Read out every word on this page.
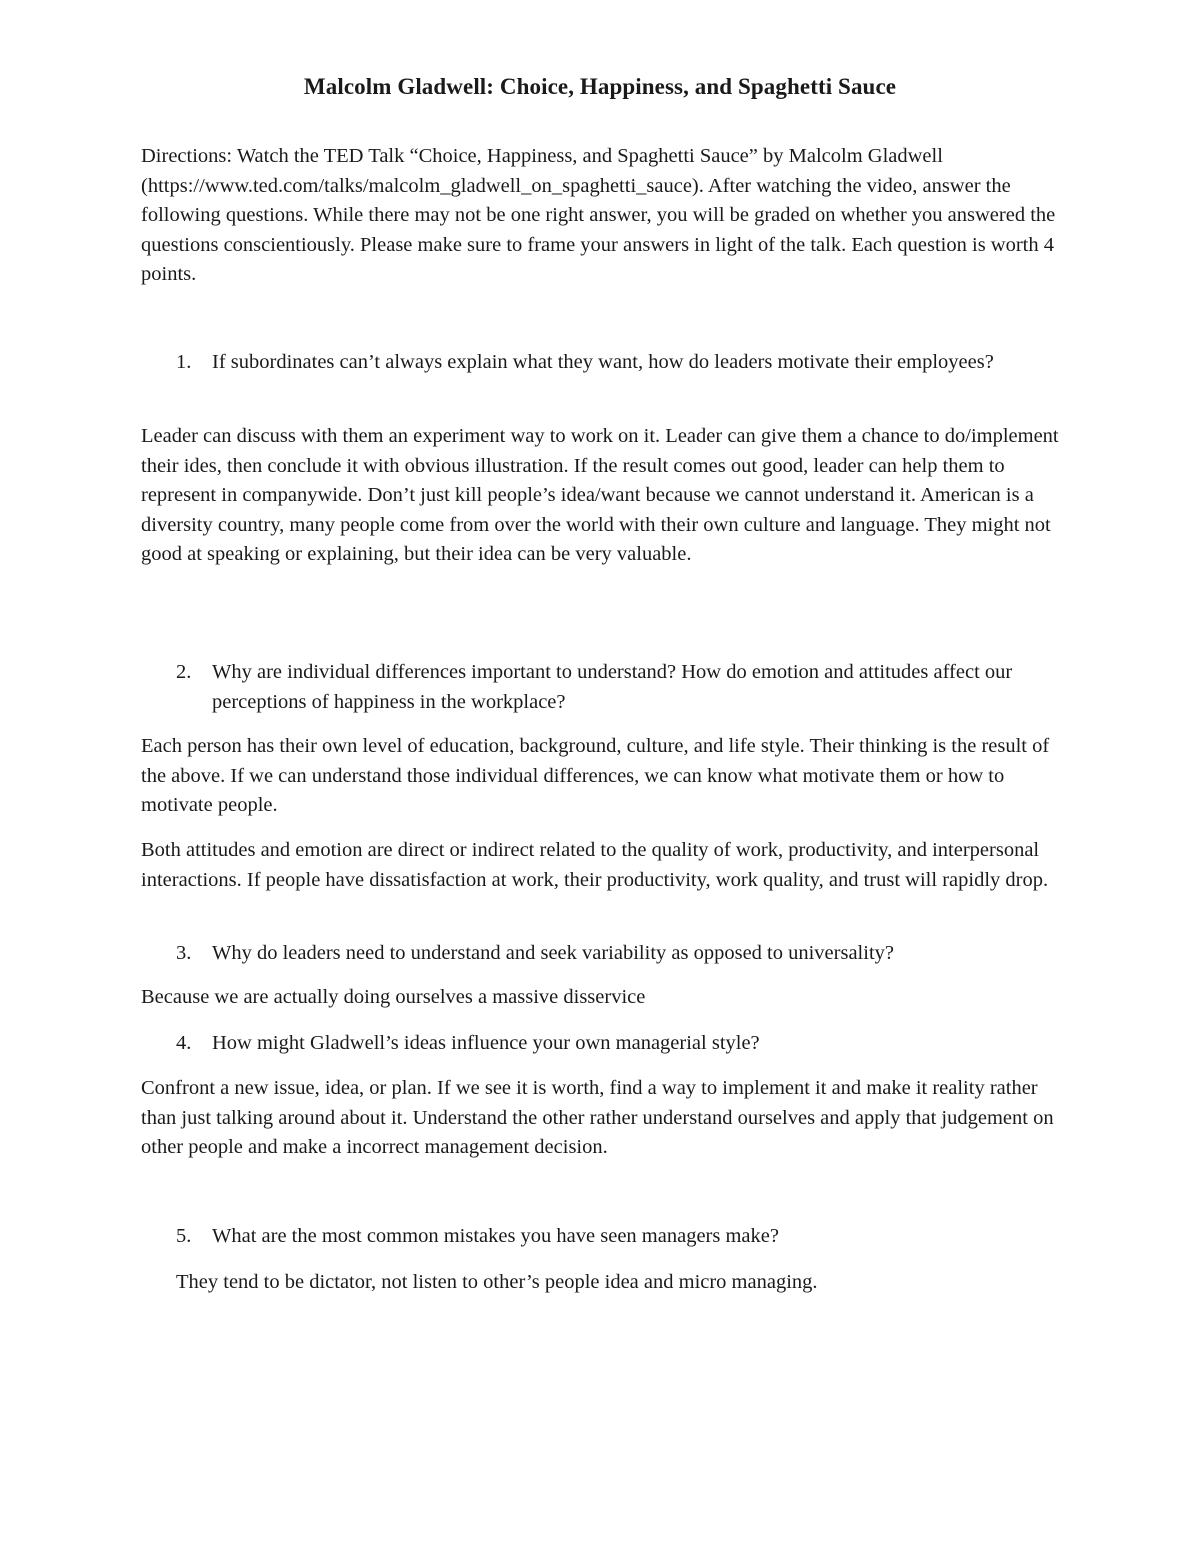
Malcolm Gladwell: Choice, Happiness, and Spaghetti Sauce

Directions: Watch the TED Talk “Choice, Happiness, and Spaghetti Sauce” by Malcolm Gladwell (https://www.ted.com/talks/malcolm_gladwell_on_spaghetti_sauce). After watching the video, answer the following questions. While there may not be one right answer, you will be graded on whether you answered the questions conscientiously. Please make sure to frame your answers in light of the talk. Each question is worth 4 points.

1. If subordinates can’t always explain what they want, how do leaders motivate their employees?

Leader can discuss with them an experiment way to work on it. Leader can give them a chance to do/implement their ides, then conclude it with obvious illustration. If the result comes out good, leader can help them to represent in companywide. Don’t just kill people’s idea/want because we cannot understand it. American is a diversity country, many people come from over the world with their own culture and language. They might not good at speaking or explaining, but their idea can be very valuable.

2. Why are individual differences important to understand? How do emotion and attitudes affect our perceptions of happiness in the workplace?

Each person has their own level of education, background, culture, and life style. Their thinking is the result of the above. If we can understand those individual differences, we can know what motivate them or how to motivate people.

Both attitudes and emotion are direct or indirect related to the quality of work, productivity, and interpersonal interactions. If people have dissatisfaction at work, their productivity, work quality, and trust will rapidly drop.

3. Why do leaders need to understand and seek variability as opposed to universality?

Because we are actually doing ourselves a massive disservice

4. How might Gladwell’s ideas influence your own managerial style?

Confront a new issue, idea, or plan. If we see it is worth, find a way to implement it and make it reality rather than just talking around about it. Understand the other rather understand ourselves and apply that judgement on other people and make a incorrect management decision.

5. What are the most common mistakes you have seen managers make?

They tend to be dictator, not listen to other’s people idea and micro managing.
